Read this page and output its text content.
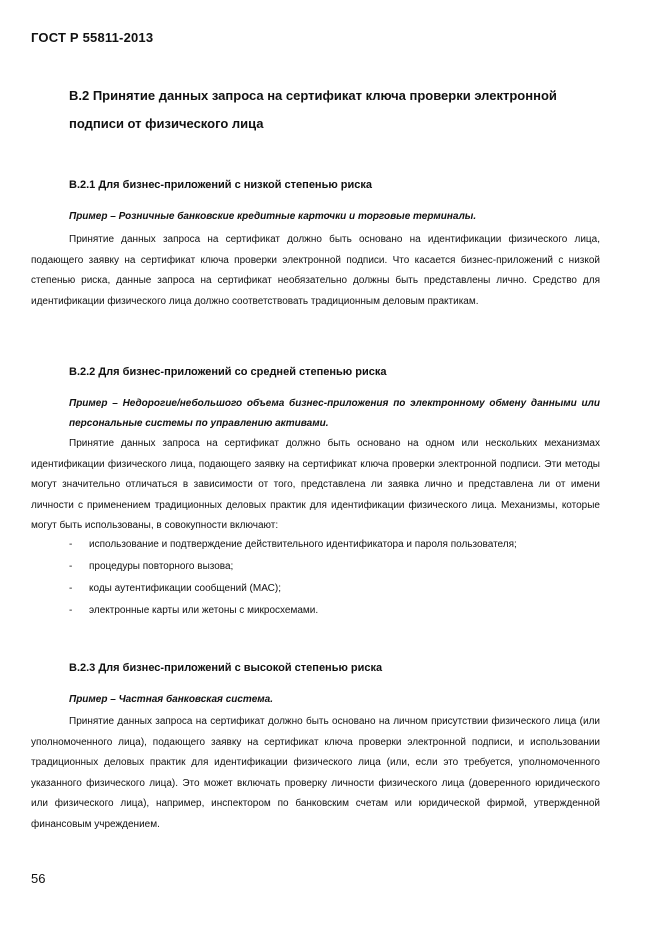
ГОСТ Р 55811-2013
В.2 Принятие данных запроса на сертификат ключа проверки электронной подписи от физического лица
В.2.1 Для бизнес-приложений с низкой степенью риска
Пример – Розничные банковские кредитные карточки и торговые терминалы.
Принятие данных запроса на сертификат должно быть основано на идентификации физического лица, подающего заявку на сертификат ключа проверки электронной подписи. Что касается бизнес-приложений с низкой степенью риска, данные запроса на сертификат необязательно должны быть представлены лично. Средство для идентификации физического лица должно соответствовать традиционным деловым практикам.
В.2.2 Для бизнес-приложений со средней степенью риска
Пример – Недорогие/небольшого объема бизнес-приложения по электронному обмену данными или персональные системы по управлению активами.
Принятие данных запроса на сертификат должно быть основано на одном или нескольких механизмах идентификации физического лица, подающего заявку на сертификат ключа проверки электронной подписи. Эти методы могут значительно отличаться в зависимости от того, представлена ли заявка лично и представлена ли от имени личности с применением традиционных деловых практик для идентификации физического лица. Механизмы, которые могут быть использованы, в совокупности включают:
- использование и подтверждение действительного идентификатора и пароля пользователя;
- процедуры повторного вызова;
- коды аутентификации сообщений (МАС);
- электронные карты или жетоны с микросхемами.
В.2.3 Для бизнес-приложений с высокой степенью риска
Пример – Частная банковская система.
Принятие данных запроса на сертификат должно быть основано на личном присутствии физического лица (или уполномоченного лица), подающего заявку на сертификат ключа проверки электронной подписи, и использовании традиционных деловых практик для идентификации физического лица (или, если это требуется, уполномоченного указанного физического лица). Это может включать проверку личности физического лица (доверенного юридического или физического лица), например, инспектором по банковским счетам или юридической фирмой, утвержденной финансовым учреждением.
56
